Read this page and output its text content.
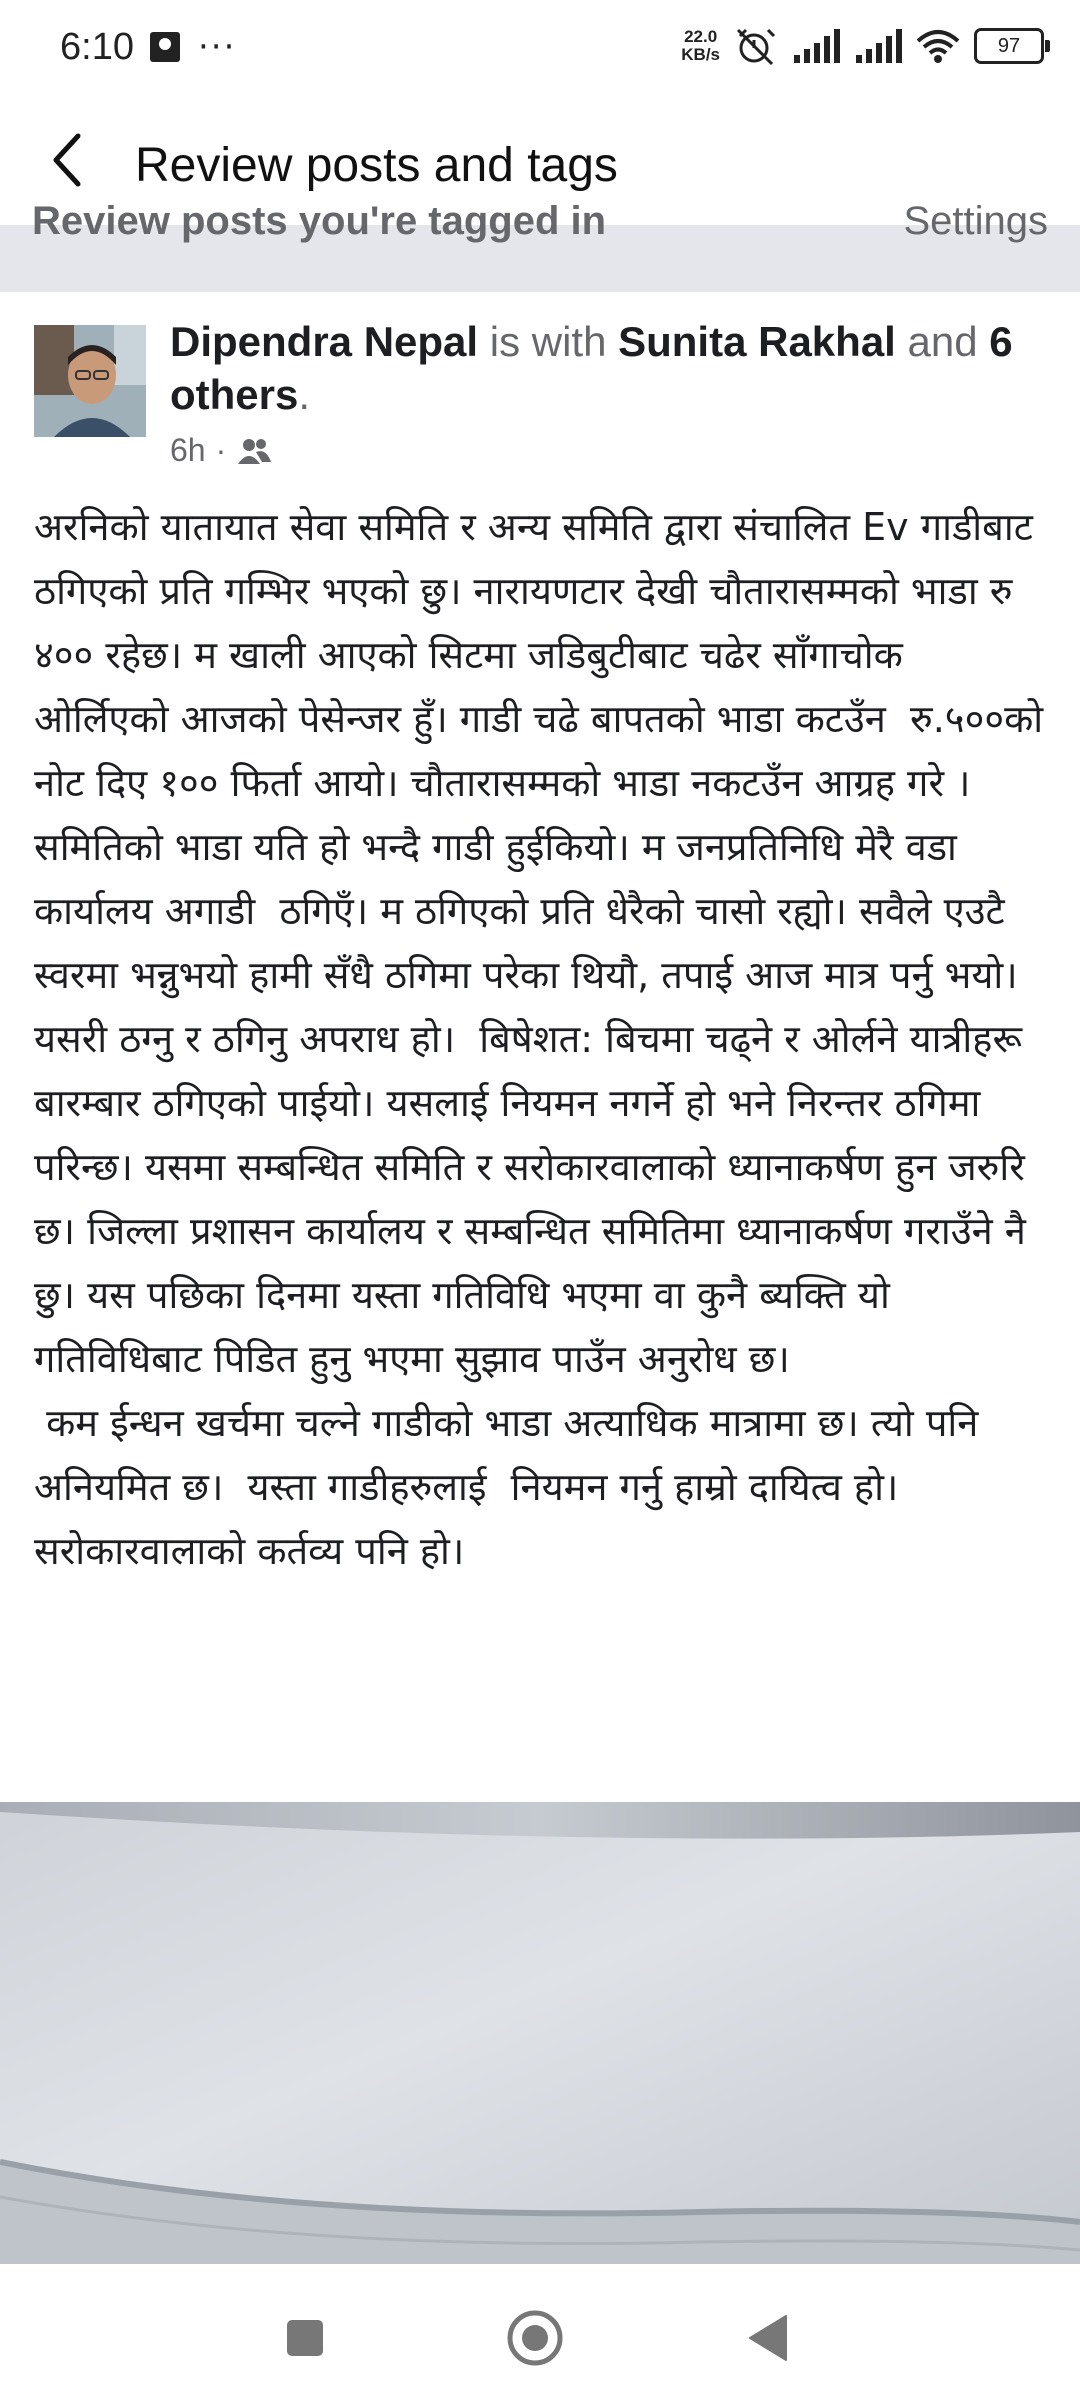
6:10 ···	22.0
KB/s	97
Review posts and tags
Review posts you're tagged in	Settings
Dipendra Nepal is with Sunita Rakhal and 6 others.
6h ·
अरनिको यातायात सेवा समिति र अन्य समिति द्वारा संचालित Ev गाडीबाट  ठगिएको प्रति गम्भिर भएको छु। नारायणटार देखी चौतारासम्मको भाडा रु ४०० रहेछ। म खाली आएको सिटमा जडिबुटीबाट चढेर साँगाचोक ओर्लिएको आजको पेसेन्जर हुँ। गाडी चढे बापतको भाडा कटउँन  रु.५००को नोट दिए १०० फिर्ता आयो। चौतारासम्मको भाडा नकटउँन आग्रह गरे । समितिको भाडा यति हो भन्दै गाडी हुईकियो। म जनप्रतिनिधि मेरै वडा कार्यालय अगाडी  ठगिएँ। म ठगिएको प्रति धेरैको चासो रह्यो। सवैले एउटै स्वरमा भन्नुभयो हामी सँधै ठगिमा परेका थियौ, तपाई आज मात्र पर्नु भयो। यसरी ठग्नु र ठगिनु अपराध हो।  बिषेशत: बिचमा चढ्ने र ओर्लने यात्रीहरू बारम्बार ठगिएको पाईयो। यसलाई नियमन नगर्ने हो भने निरन्तर ठगिमा परिन्छ। यसमा सम्बन्धित समिति र सरोकारवालाको ध्यानाकर्षण हुन जरुरि छ। जिल्ला प्रशासन कार्यालय र सम्बन्धित समितिमा ध्यानाकर्षण गराउँने नै छु। यस पछिका दिनमा यस्ता गतिविधि भएमा वा कुनै ब्यक्ति यो गतिविधिबाट पिडित हुनु भएमा सुझाव पाउँन अनुरोध छ।
कम ईन्धन खर्चमा चल्ने गाडीको भाडा अत्याधिक मात्रामा छ। त्यो पनि अनियमित छ।  यस्ता गाडीहरुलाई  नियमन गर्नु हाम्रो दायित्व हो। सरोकारवालाको कर्तव्य पनि हो।
